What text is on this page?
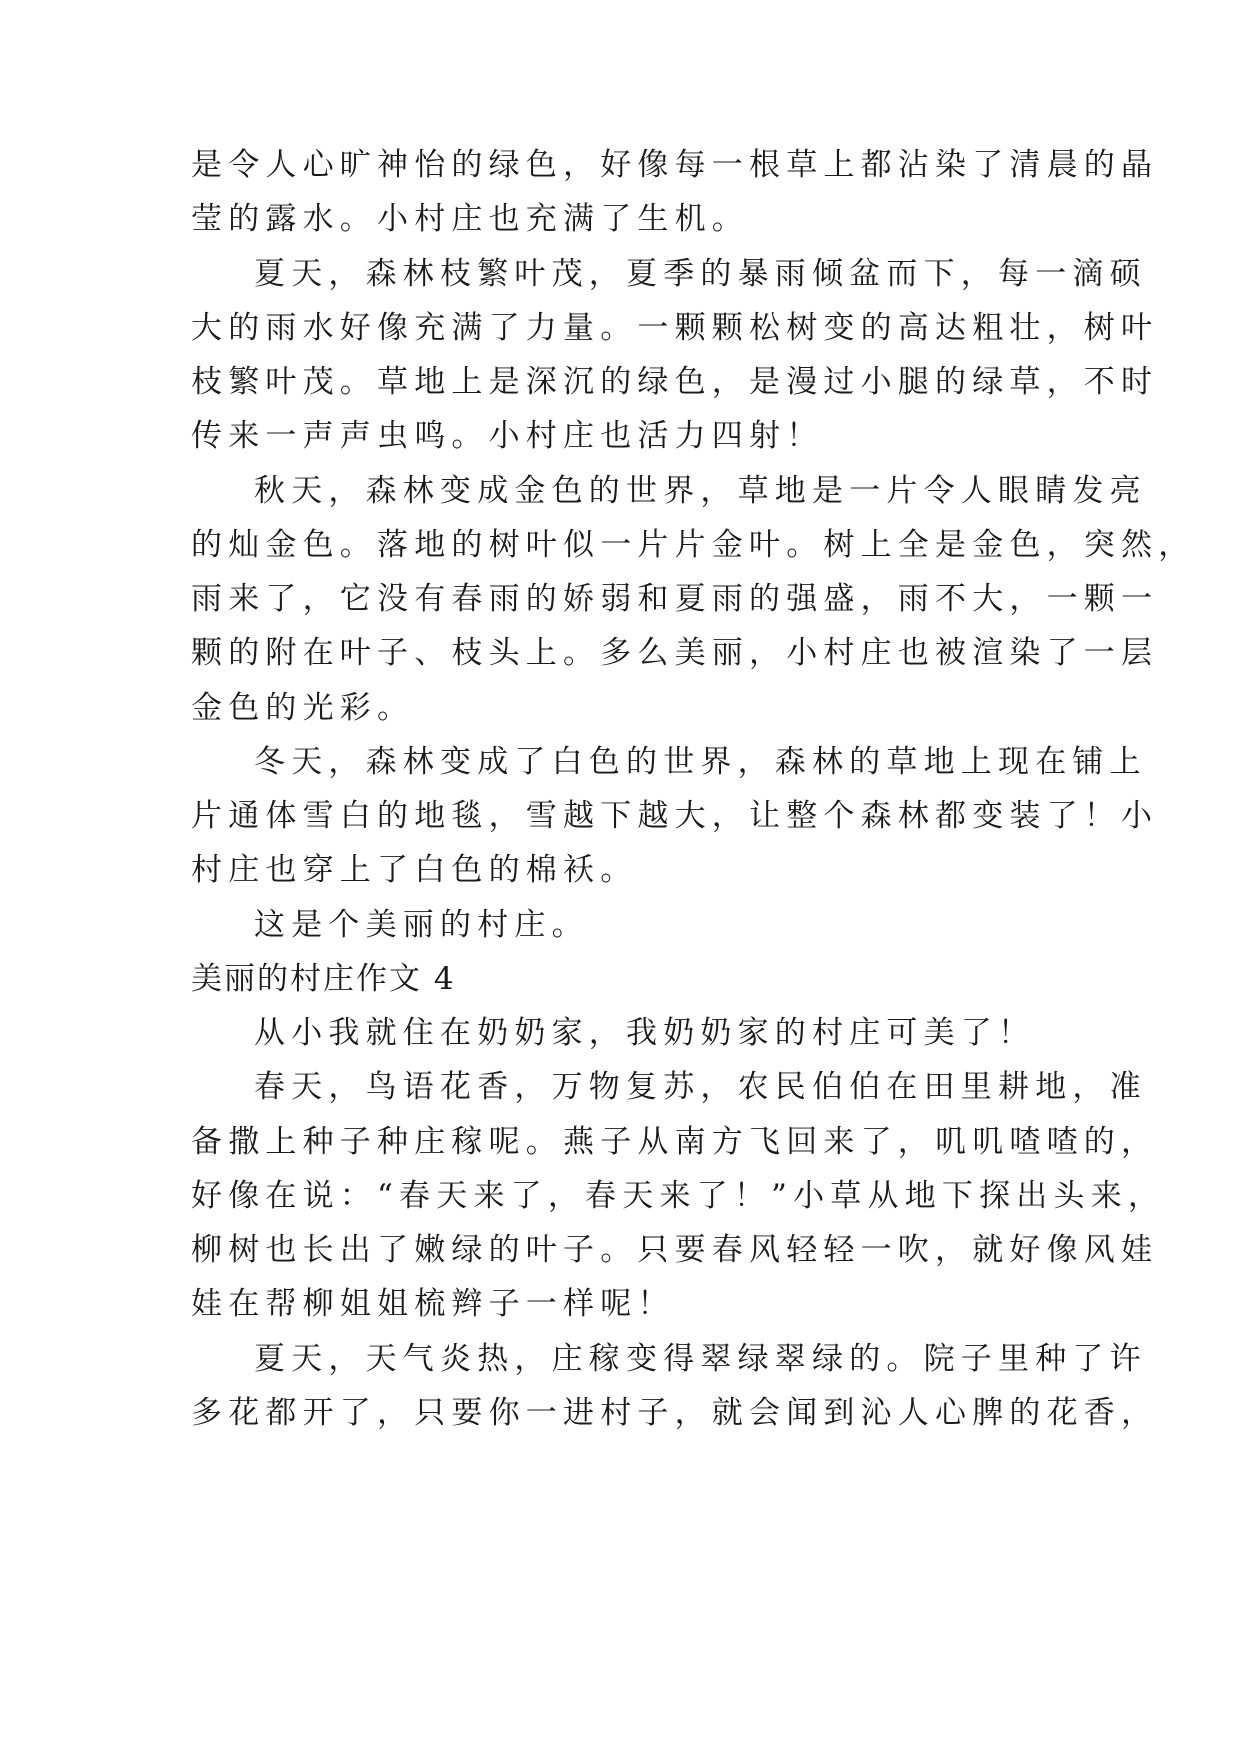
是令人心旷神怡的绿色，好像每一根草上都沾染了清晨的晶

莹的露水。小村庄也充满了生机。

夏天，森林枝繁叶茂，夏季的暴雨倾盆而下，每一滴硕

大的雨水好像充满了力量。一颗颗松树变的高达粗壮，树叶

枝繁叶茂。草地上是深沉的绿色，是漫过小腿的绿草，不时

传来一声声虫鸣。小村庄也活力四射！

秋天，森林变成金色的世界，草地是一片令人眼睛发亮

的灿金色。落地的树叶似一片片金叶。树上全是金色，突然，

雨来了，它没有春雨的娇弱和夏雨的强盛，雨不大，一颗一

颗的附在叶子、枝头上。多么美丽，小村庄也被渲染了一层

金色的光彩。

冬天，森林变成了白色的世界，森林的草地上现在铺上

片通体雪白的地毯，雪越下越大，让整个森林都变装了！小

村庄也穿上了白色的棉袄。

这是个美丽的村庄。

美丽的村庄作文 4

从小我就住在奶奶家，我奶奶家的村庄可美了！

春天，鸟语花香，万物复苏，农民伯伯在田里耕地，准

备撒上种子种庄稼呢。燕子从南方飞回来了，叽叽喳喳的，

好像在说：“春天来了，春天来了！”小草从地下探出头来，

柳树也长出了嫩绿的叶子。只要春风轻轻一吹，就好像风娃

娃在帮柳姐姐梳辫子一样呢！

夏天，天气炎热，庄稼变得翠绿翠绿的。院子里种了许

多花都开了，只要你一进村子，就会闻到沁人心脾的花香，
